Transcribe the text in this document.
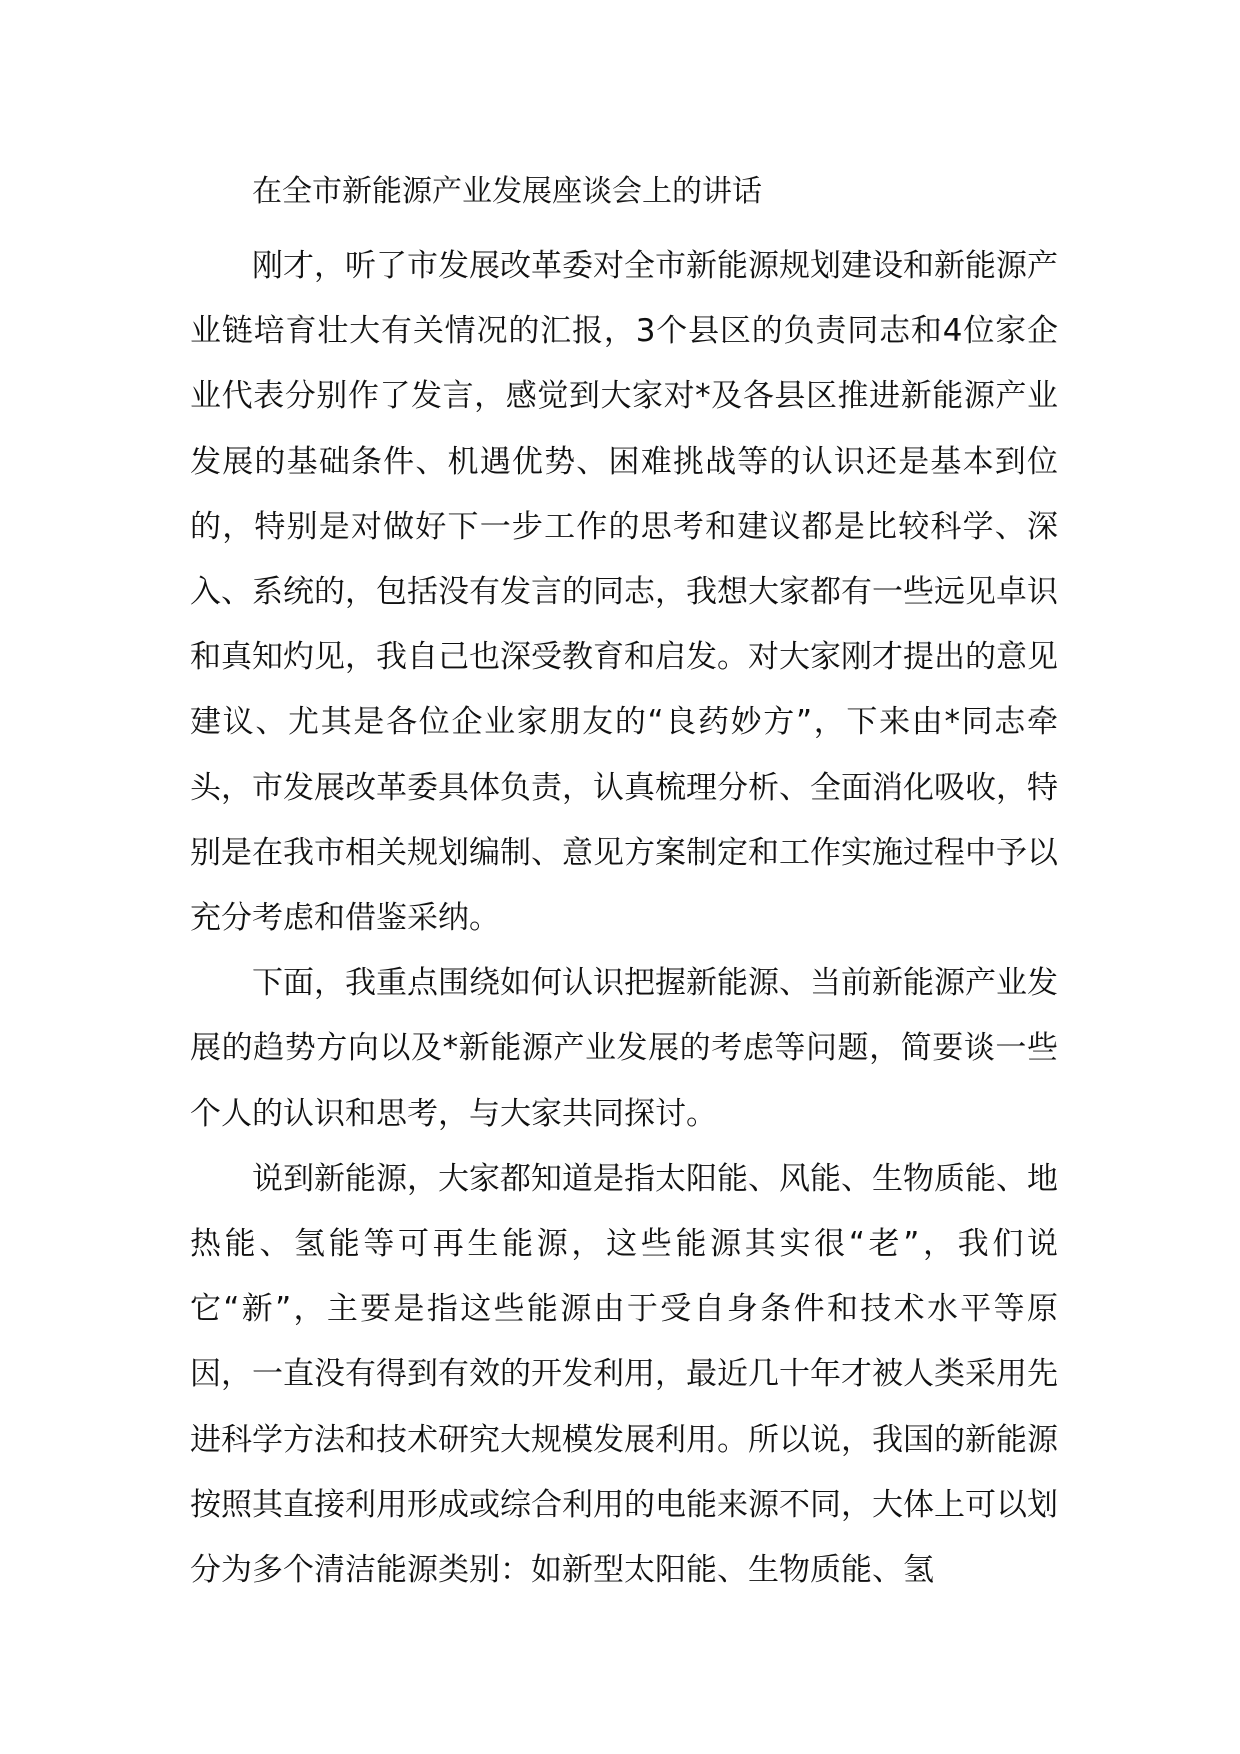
在全市新能源产业发展座谈会上的讲话

刚才，听了市发展改革委对全市新能源规划建设和新能源产业链培育壮大有关情况的汇报，3个县区的负责同志和4位家企业代表分别作了发言，感觉到大家对*及各县区推进新能源产业发展的基础条件、机遇优势、困难挑战等的认识还是基本到位的，特别是对做好下一步工作的思考和建议都是比较科学、深入、系统的，包括没有发言的同志，我想大家都有一些远见卓识和真知灼见，我自己也深受教育和启发。对大家刚才提出的意见建议、尤其是各位企业家朋友的“良药妙方”，下来由*同志牵头，市发展改革委具体负责，认真梳理分析、全面消化吸收，特别是在我市相关规划编制、意见方案制定和工作实施过程中予以充分考虑和借鉴采纳。

下面，我重点围绕如何认识把握新能源、当前新能源产业发展的趋势方向以及*新能源产业发展的考虑等问题，简要谈一些个人的认识和思考，与大家共同探讨。

说到新能源，大家都知道是指太阳能、风能、生物质能、地热能、氢能等可再生能源，这些能源其实很“老”，我们说它“新”，主要是指这些能源由于受自身条件和技术水平等原因，一直没有得到有效的开发利用，最近几十年才被人类采用先进科学方法和技术研究大规模发展利用。所以说，我国的新能源按照其直接利用形成或综合利用的电能来源不同，大体上可以划分为多个清洁能源类别：如新型太阳能、生物质能、氢
